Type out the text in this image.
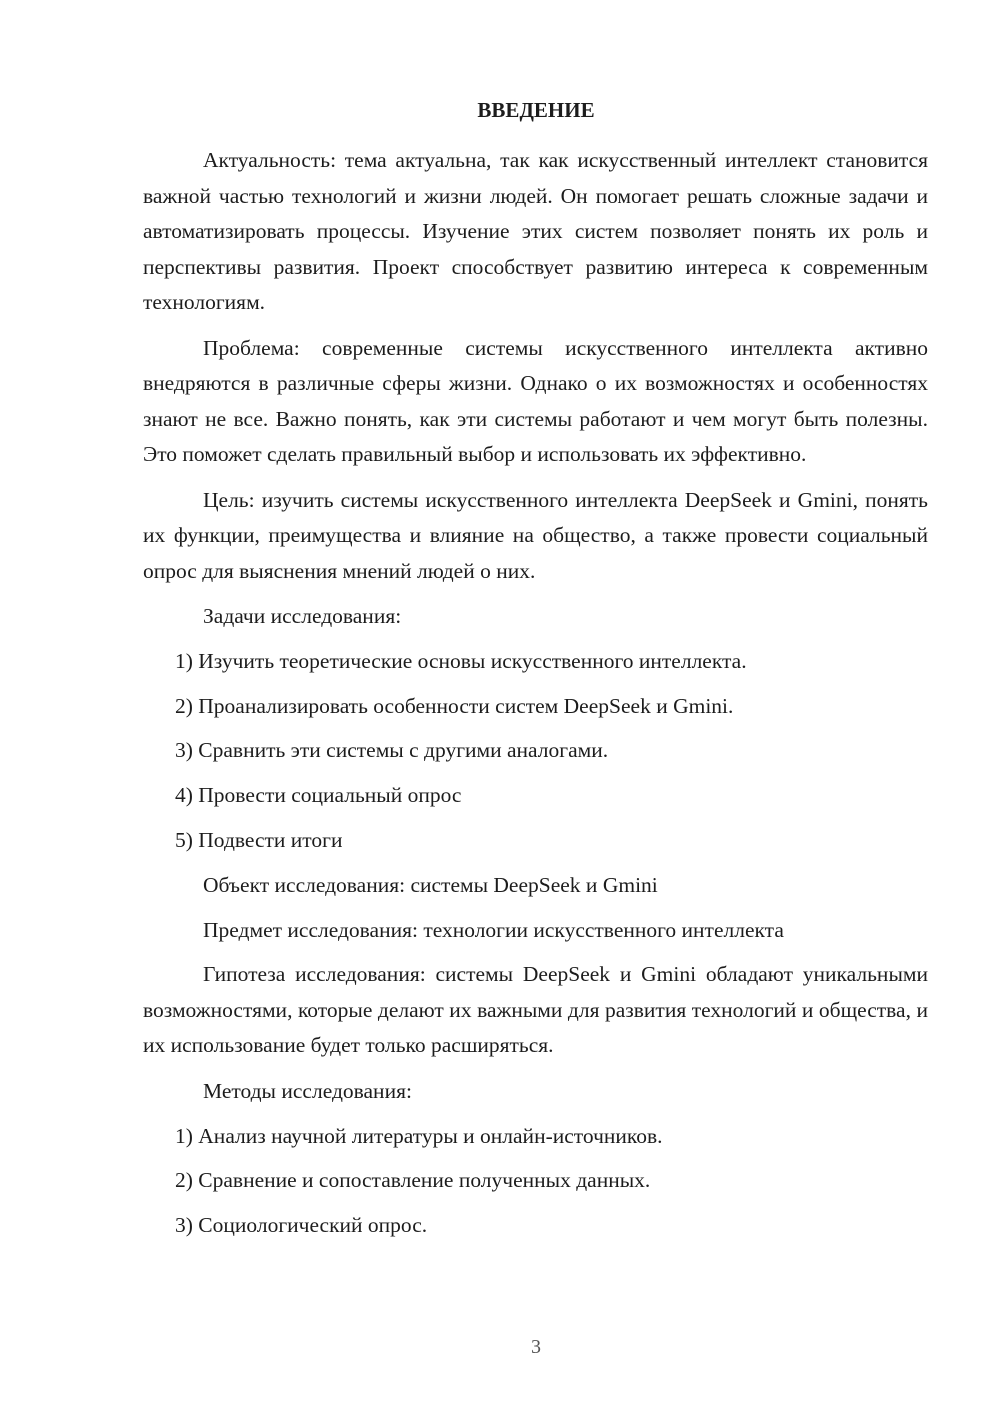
ВВЕДЕНИЕ

Актуальность: тема актуальна, так как искусственный интеллект становится важной частью технологий и жизни людей. Он помогает решать сложные задачи и автоматизировать процессы. Изучение этих систем позволяет понять их роль и перспективы развития. Проект способствует развитию интереса к современным технологиям.

Проблема: современные системы искусственного интеллекта активно внедряются в различные сферы жизни. Однако о их возможностях и особенностях знают не все. Важно понять, как эти системы работают и чем могут быть полезны. Это поможет сделать правильный выбор и использовать их эффективно.

Цель: изучить системы искусственного интеллекта DeepSeek и Gmini, понять их функции, преимущества и влияние на общество, а также провести социальный опрос для выяснения мнений людей о них.

Задачи исследования:

1) Изучить теоретические основы искусственного интеллекта.

2) Проанализировать особенности систем DeepSeek и Gmini.

3) Сравнить эти системы с другими аналогами.

4) Провести социальный опрос

5) Подвести итоги

Объект исследования: системы DeepSeek и Gmini

Предмет исследования: технологии искусственного интеллекта

Гипотеза исследования: системы DeepSeek и Gmini обладают уникальными возможностями, которые делают их важными для развития технологий и общества, и их использование будет только расширяться.

Методы исследования:

1) Анализ научной литературы и онлайн-источников.

2) Сравнение и сопоставление полученных данных.

3) Социологический опрос.

3
